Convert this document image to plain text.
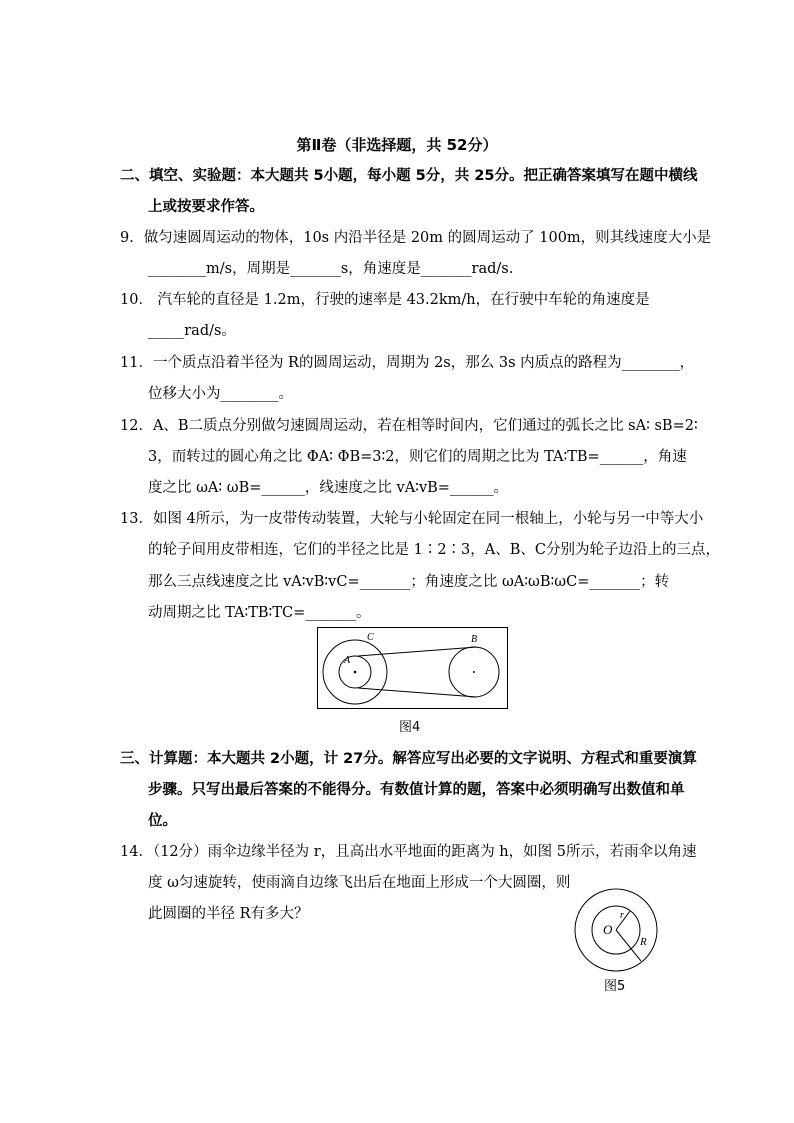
第Ⅱ卷（非选择题，共 52分）
二、填空、实验题：本大题共 5小题，每小题 5分，共 25分。把正确答案填写在题中横线
上或按要求作答。
9．做匀速圆周运动的物体，10s 内沿半径是 20m 的圆周运动了 100m，则其线速度大小是
________m/s，周期是_______s，角速度是_______rad/s.
10． 汽车轮的直径是 1.2m，行驶的速率是 43.2km/h，在行驶中车轮的角速度是
_____rad/s。
11．一个质点沿着半径为 R的圆周运动，周期为 2s，那么 3s 内质点的路程为________，
位移大小为________。
12．A、B二质点分别做匀速圆周运动，若在相等时间内，它们通过的弧长之比 sA∶ sB=2∶
3，而转过的圆心角之比 ΦA∶ ΦB=3∶2，则它们的周期之比为 TA∶TB=______，角速
度之比 ωA∶ ωB=______，线速度之比 vA∶vB=______。
13．如图 4所示，为一皮带传动装置，大轮与小轮固定在同一根轴上，小轮与另一中等大小
的轮子间用皮带相连，它们的半径之比是 1∶2∶3，A、B、C分别为轮子边沿上的三点，
那么三点线速度之比 vA∶vB∶vC=_______；角速度之比 ωA∶ωB∶ωC=_______；转
动周期之比 TA∶TB∶TC=_______。
A
B
C
图4
三、计算题：本大题共 2小题，计 27分。解答应写出必要的文字说明、方程式和重要演算
步骤。只写出最后答案的不能得分。有数值计算的题，答案中必须明确写出数值和单
位。
14．（12分）雨伞边缘半径为 r，且高出水平地面的距离为 h，如图 5所示，若雨伞以角速
度 ω匀速旋转，使雨滴自边缘飞出后在地面上形成一个大圆圈，则
此圆圈的半径 R有多大？
O
r
R
图5
